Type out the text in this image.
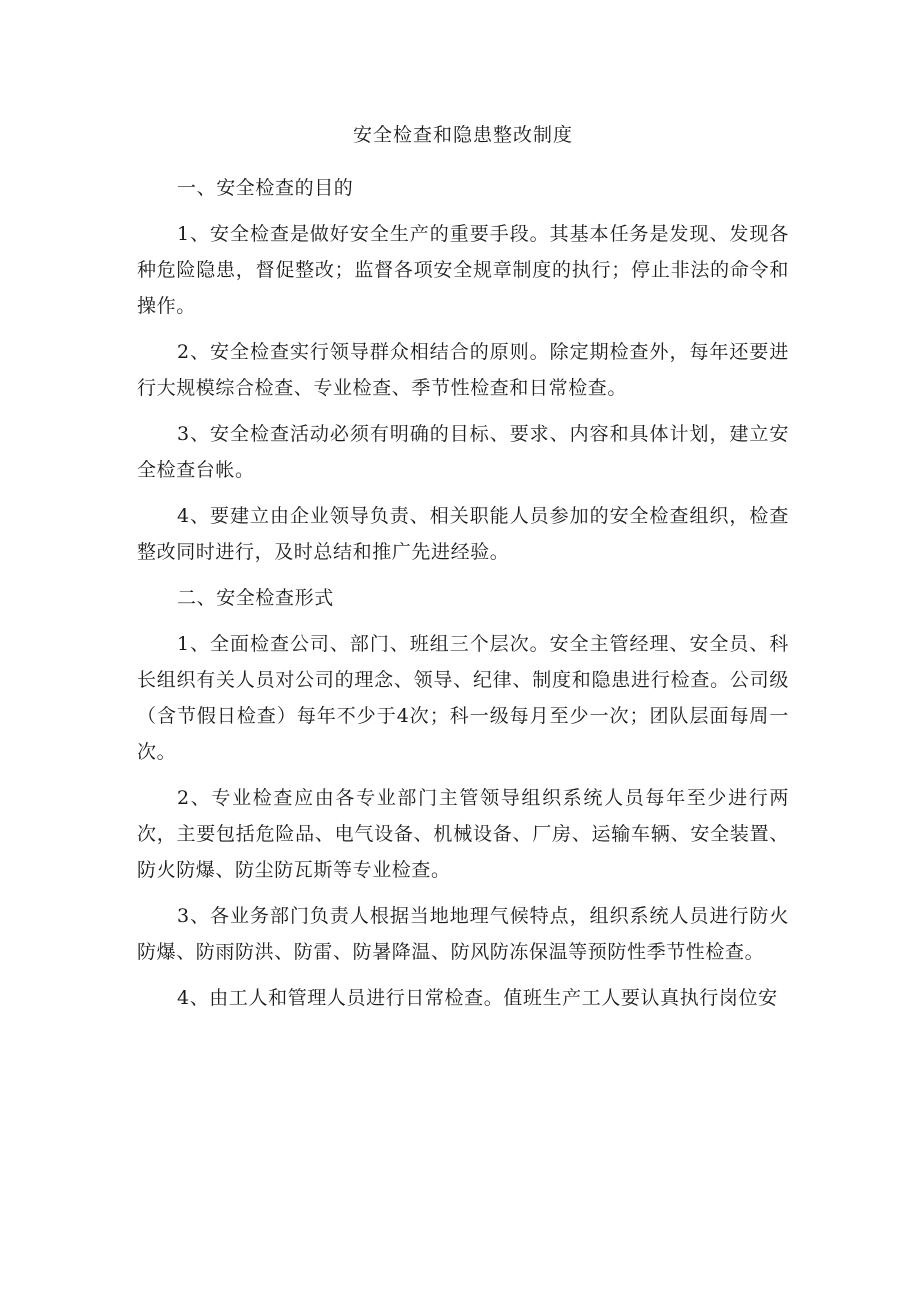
安全检查和隐患整改制度

一、安全检查的目的

1、安全检查是做好安全生产的重要手段。其基本任务是发现、发现各种危险隐患，督促整改；监督各项安全规章制度的执行；停止非法的命令和操作。

2、安全检查实行领导群众相结合的原则。除定期检查外，每年还要进行大规模综合检查、专业检查、季节性检查和日常检查。

3、安全检查活动必须有明确的目标、要求、内容和具体计划，建立安全检查台帐。

4、要建立由企业领导负责、相关职能人员参加的安全检查组织，检查整改同时进行，及时总结和推广先进经验。

二、安全检查形式

1、全面检查公司、部门、班组三个层次。安全主管经理、安全员、科长组织有关人员对公司的理念、领导、纪律、制度和隐患进行检查。公司级（含节假日检查）每年不少于4次；科一级每月至少一次；团队层面每周一次。

2、专业检查应由各专业部门主管领导组织系统人员每年至少进行两次，主要包括危险品、电气设备、机械设备、厂房、运输车辆、安全装置、防火防爆、防尘防瓦斯等专业检查。

3、各业务部门负责人根据当地地理气候特点，组织系统人员进行防火防爆、防雨防洪、防雷、防暑降温、防风防冻保温等预防性季节性检查。

4、由工人和管理人员进行日常检查。值班生产工人要认真执行岗位安
